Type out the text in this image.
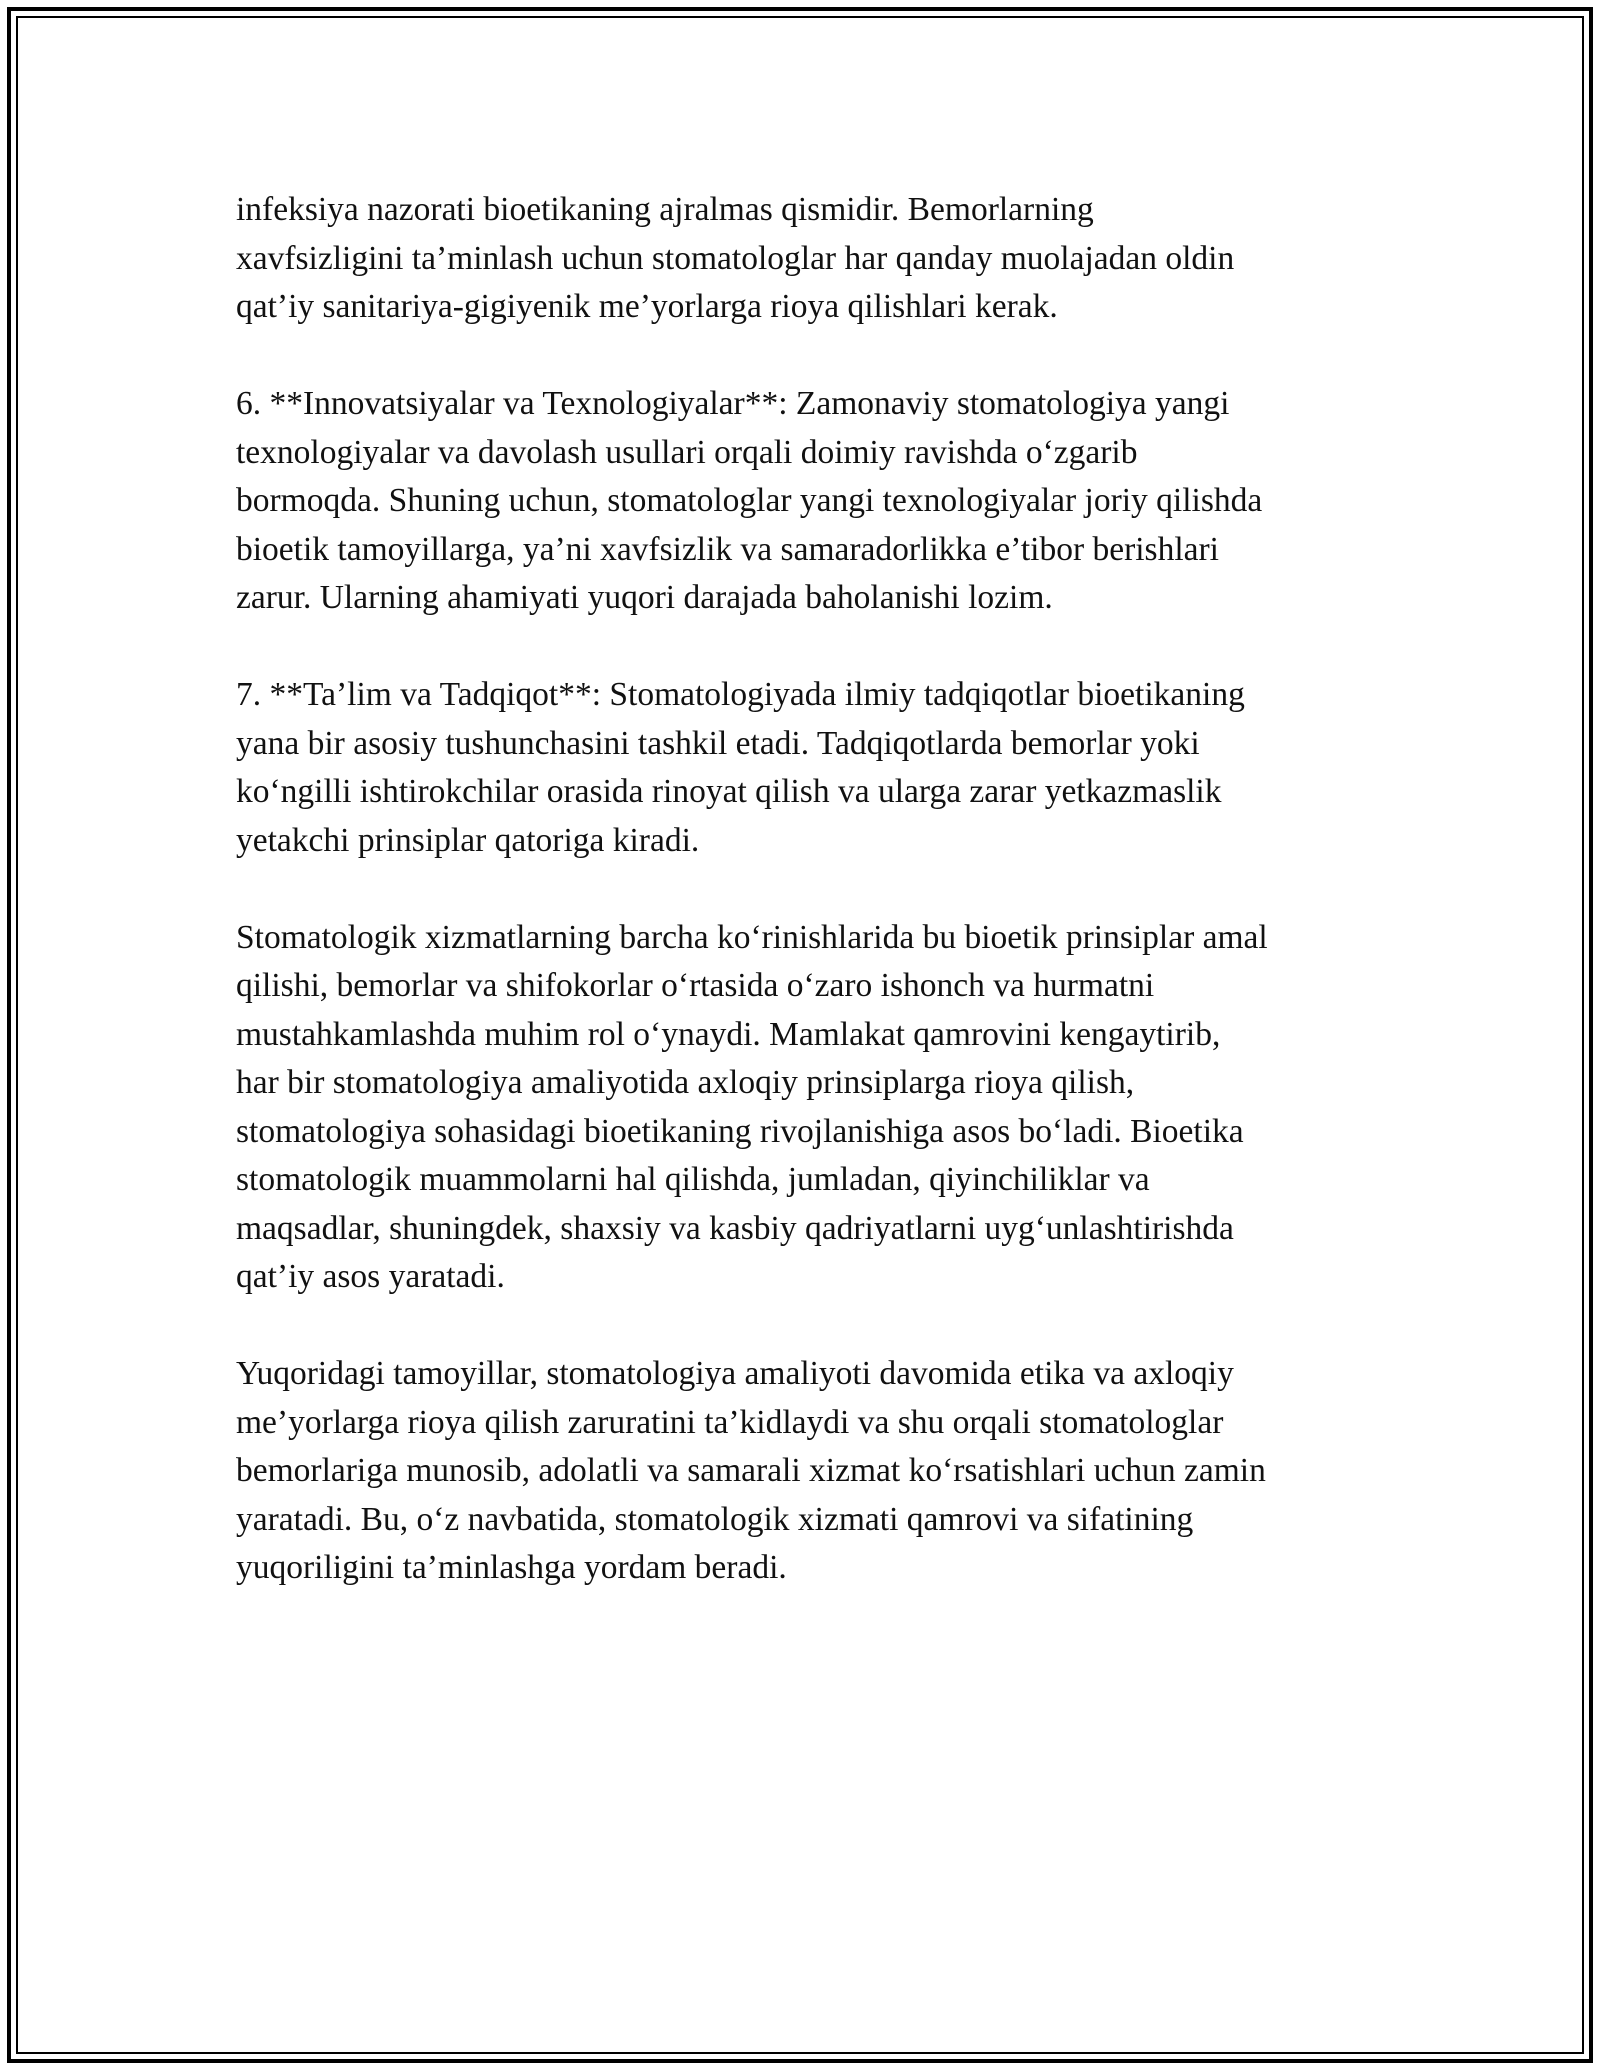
infeksiya nazorati bioetikaning ajralmas qismidir. Bemorlarning
xavfsizligini ta’minlash uchun stomatologlar har qanday muolajadan oldin
qat’iy sanitariya-gigiyenik me’yorlarga rioya qilishlari kerak.

6. **Innovatsiyalar va Texnologiyalar**: Zamonaviy stomatologiya yangi
texnologiyalar va davolash usullari orqali doimiy ravishda o‘zgarib
bormoqda. Shuning uchun, stomatologlar yangi texnologiyalar joriy qilishda
bioetik tamoyillarga, ya’ni xavfsizlik va samaradorlikka e’tibor berishlari
zarur. Ularning ahamiyati yuqori darajada baholanishi lozim.

7. **Ta’lim va Tadqiqot**: Stomatologiyada ilmiy tadqiqotlar bioetikaning
yana bir asosiy tushunchasini tashkil etadi. Tadqiqotlarda bemorlar yoki
ko‘ngilli ishtirokchilar orasida rinoyat qilish va ularga zarar yetkazmaslik
yetakchi prinsiplar qatoriga kiradi.

Stomatologik xizmatlarning barcha ko‘rinishlarida bu bioetik prinsiplar amal
qilishi, bemorlar va shifokorlar o‘rtasida o‘zaro ishonch va hurmatni
mustahkamlashda muhim rol o‘ynaydi. Mamlakat qamrovini kengaytirib,
har bir stomatologiya amaliyotida axloqiy prinsiplarga rioya qilish,
stomatologiya sohasidagi bioetikaning rivojlanishiga asos bo‘ladi. Bioetika
stomatologik muammolarni hal qilishda, jumladan, qiyinchiliklar va
maqsadlar, shuningdek, shaxsiy va kasbiy qadriyatlarni uyg‘unlashtirishda
qat’iy asos yaratadi.

Yuqoridagi tamoyillar, stomatologiya amaliyoti davomida etika va axloqiy
me’yorlarga rioya qilish zaruratini ta’kidlaydi va shu orqali stomatologlar
bemorlariga munosib, adolatli va samarali xizmat ko‘rsatishlari uchun zamin
yaratadi. Bu, o‘z navbatida, stomatologik xizmati qamrovi va sifatining
yuqoriligini ta’minlashga yordam beradi.
